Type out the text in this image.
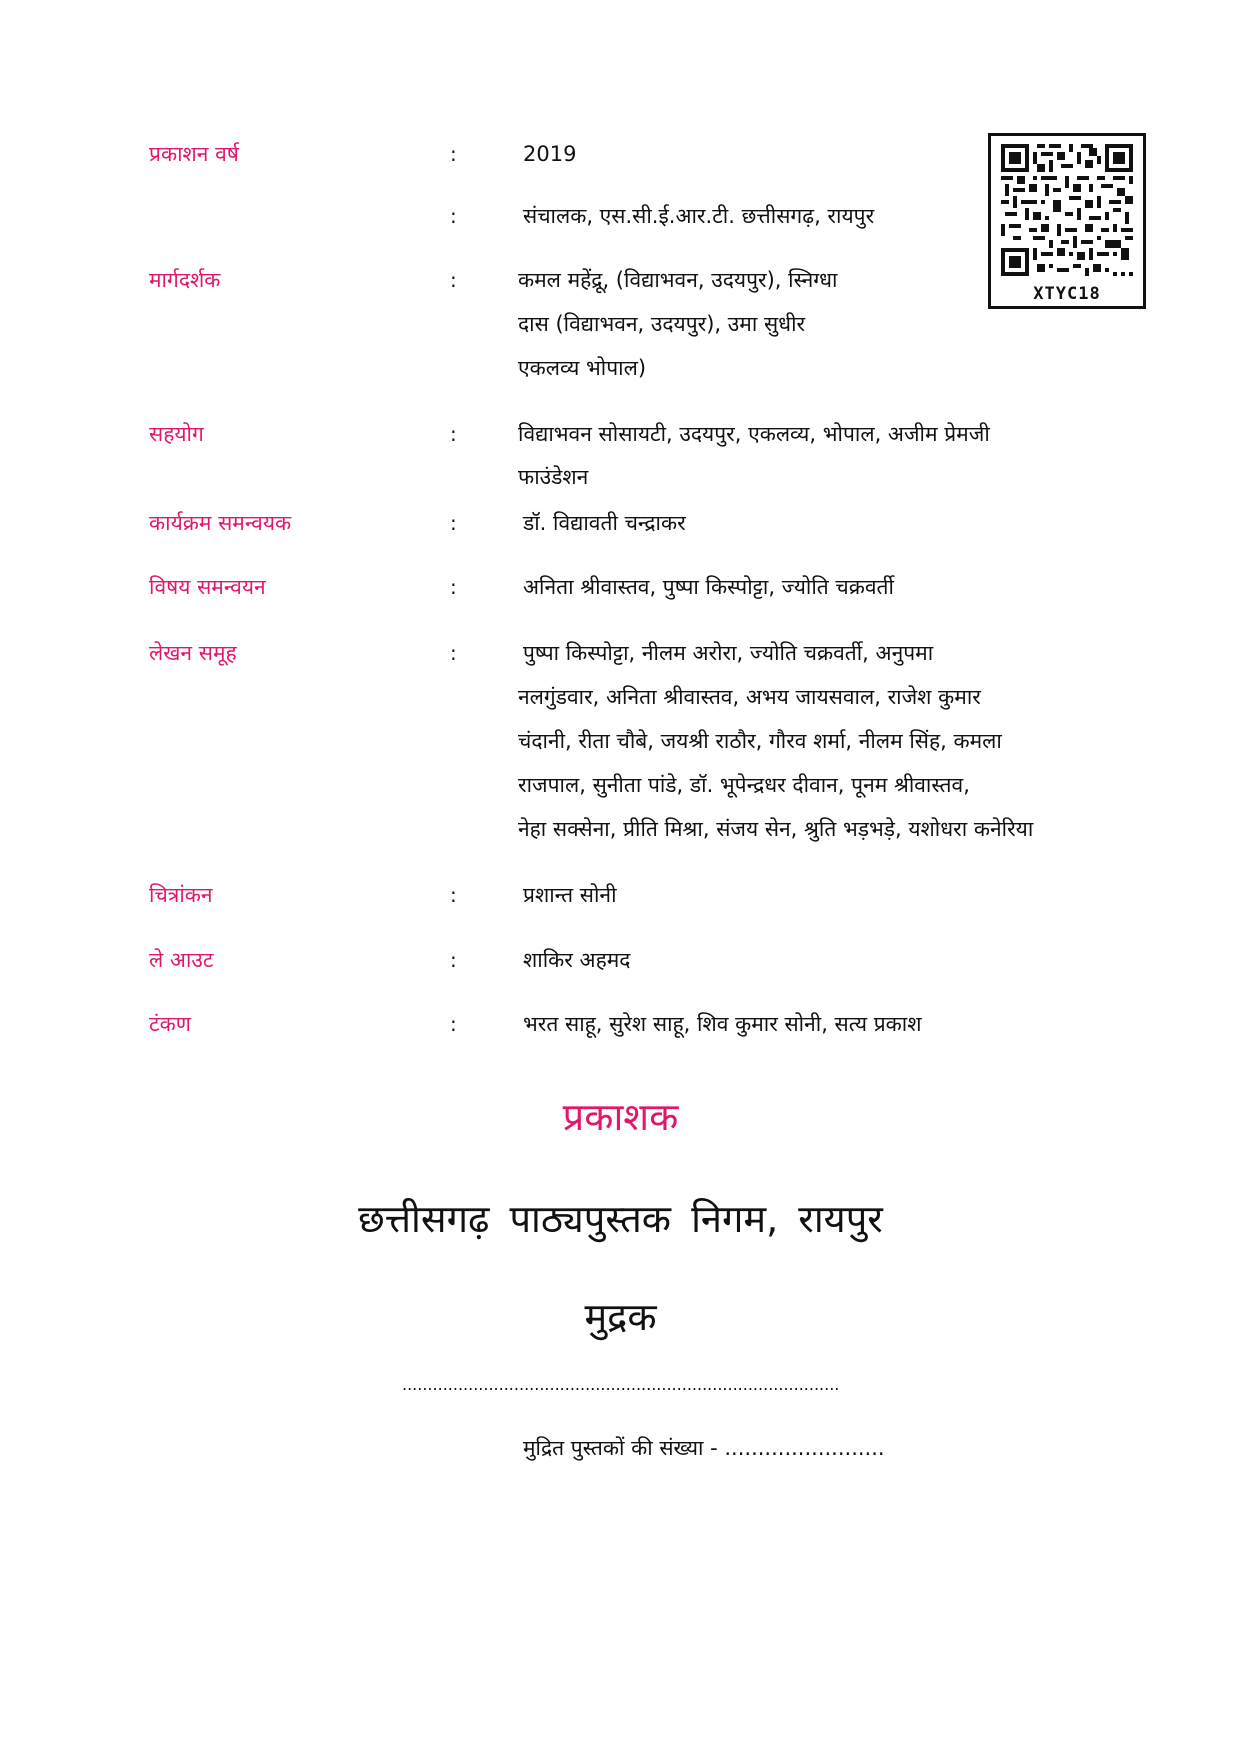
प्रकाशन वर्ष	:	2019
:	संचालक, एस.सी.ई.आर.टी. छत्तीसगढ़, रायपुर
मार्गदर्शक	:	कमल महेंद्रू, (विद्याभवन, उदयपुर), स्निग्धा
दास (विद्याभवन, उदयपुर), उमा सुधीर
एकलव्य भोपाल)
सहयोग	:	विद्याभवन सोसायटी, उदयपुर, एकलव्य, भोपाल, अजीम प्रेमजी
फाउंडेशन
कार्यक्रम समन्वयक	:	डॉ. विद्यावती चन्द्राकर
विषय समन्वयन	:	अनिता श्रीवास्तव, पुष्पा किस्पोट्टा, ज्योति चक्रवर्ती
लेखन समूह	:	पुष्पा किस्पोट्टा, नीलम अरोरा, ज्योति चक्रवर्ती, अनुपमा
नलगुंडवार, अनिता श्रीवास्तव, अभय जायसवाल, राजेश कुमार
चंदानी, रीता चौबे, जयश्री राठौर, गौरव शर्मा, नीलम सिंह, कमला
राजपाल, सुनीता पांडे, डॉ. भूपेन्द्रधर दीवान, पूनम श्रीवास्तव,
नेहा सक्सेना, प्रीति मिश्रा, संजय सेन, श्रुति भड़भड़े, यशोधरा कनेरिया
चित्रांकन	:	प्रशान्त सोनी
ले आउट	:	शाकिर अहमद
टंकण	:	भरत साहू, सुरेश साहू, शिव कुमार सोनी, सत्य प्रकाश
XTYC18
प्रकाशक
छत्तीसगढ़ पाठ्यपुस्तक निगम, रायपुर
मुद्रक
......................................................................................
मुद्रित पुस्तकों की संख्या - ........................
